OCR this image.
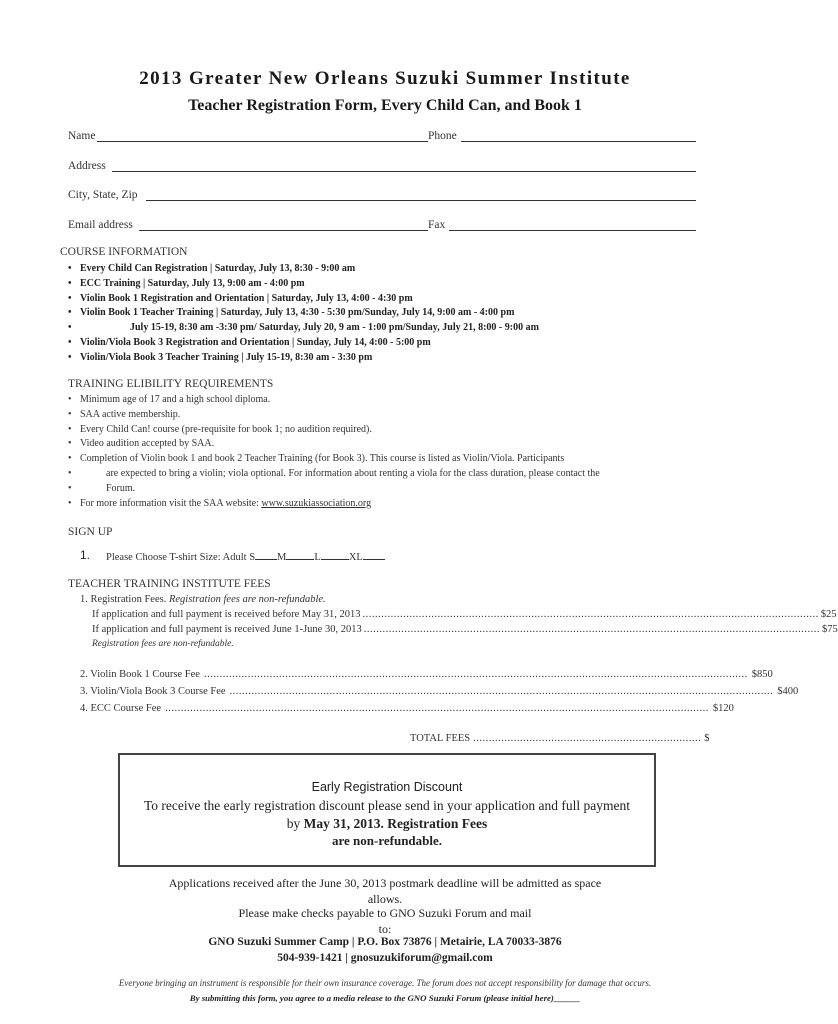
2013 Greater New Orleans Suzuki Summer Institute
Teacher Registration Form, Every Child Can, and Book 1
Name	Phone
Address
City, State, Zip
Email address	Fax
COURSE INFORMATION
• Every Child Can Registration | Saturday, July 13, 8:30 - 9:00 am
• ECC Training | Saturday, July 13, 9:00 am - 4:00 pm
• Violin Book 1 Registration and Orientation | Saturday, July 13, 4:00 - 4:30 pm
• Violin Book 1 Teacher Training | Saturday, July 13, 4:30 - 5:30 pm/Sunday, July 14, 9:00 am - 4:00 pm
• July 15-19, 8:30 am -3:30 pm/ Saturday, July 20, 9 am - 1:00 pm/Sunday, July 21, 8:00 - 9:00 am
• Violin/Viola Book 3 Registration and Orientation | Sunday, July 14, 4:00 - 5:00 pm
• Violin/Viola Book 3 Teacher Training | July 15-19, 8:30 am - 3:30 pm
TRAINING ELIBILITY REQUIREMENTS
• Minimum age of 17 and a high school diploma.
• SAA active membership.
• Every Child Can! course (pre-requisite for book 1; no audition required).
• Video audition accepted by SAA.
• Completion of Violin book 1 and book 2 Teacher Training (for Book 3). This course is listed as Violin/Viola. Participants
• are expected to bring a violin; viola optional. For information about renting a viola for the class duration, please contact the
• Forum.
• For more information visit the SAA website: www.suzukiassociation.org
SIGN UP
1. Please Choose T-shirt Size: Adult S M	L	XL
TEACHER TRAINING INSTITUTE FEES
1. Registration Fees. Registration fees are non-refundable.
If application and full payment is received before May 31, 2013 .................................................................................................................................................. $25
If application and full payment is received June 1-June 30, 2013 .................................................................................................................................................. $75
Registration fees are non-refundable.
2. Violin Book 1 Course Fee .............................................................................................................................................................................. $850
3. Violin/Viola Book 3 Course Fee .............................................................................................................................................................................. $400
4. ECC Course Fee .............................................................................................................................................................................. $120
TOTAL FEES ......................................................................... $
Early Registration Discount
To receive the early registration discount please send in your application and full payment
by May 31, 2013. Registration Fees
are non-refundable.
Applications received after the June 30, 2013 postmark deadline will be admitted as space
allows.
Please make checks payable to GNO Suzuki Forum and mail
to:
GNO Suzuki Summer Camp | P.O. Box 73876 | Metairie, LA 70033-3876
504-939-1421 | gnosuzukiforum@gmail.com
Everyone bringing an instrument is responsible for their own insurance coverage. The forum does not accept responsibility for damage that occurs.
By submitting this form, you agree to a media release to the GNO Suzuki Forum (please initial here)______
